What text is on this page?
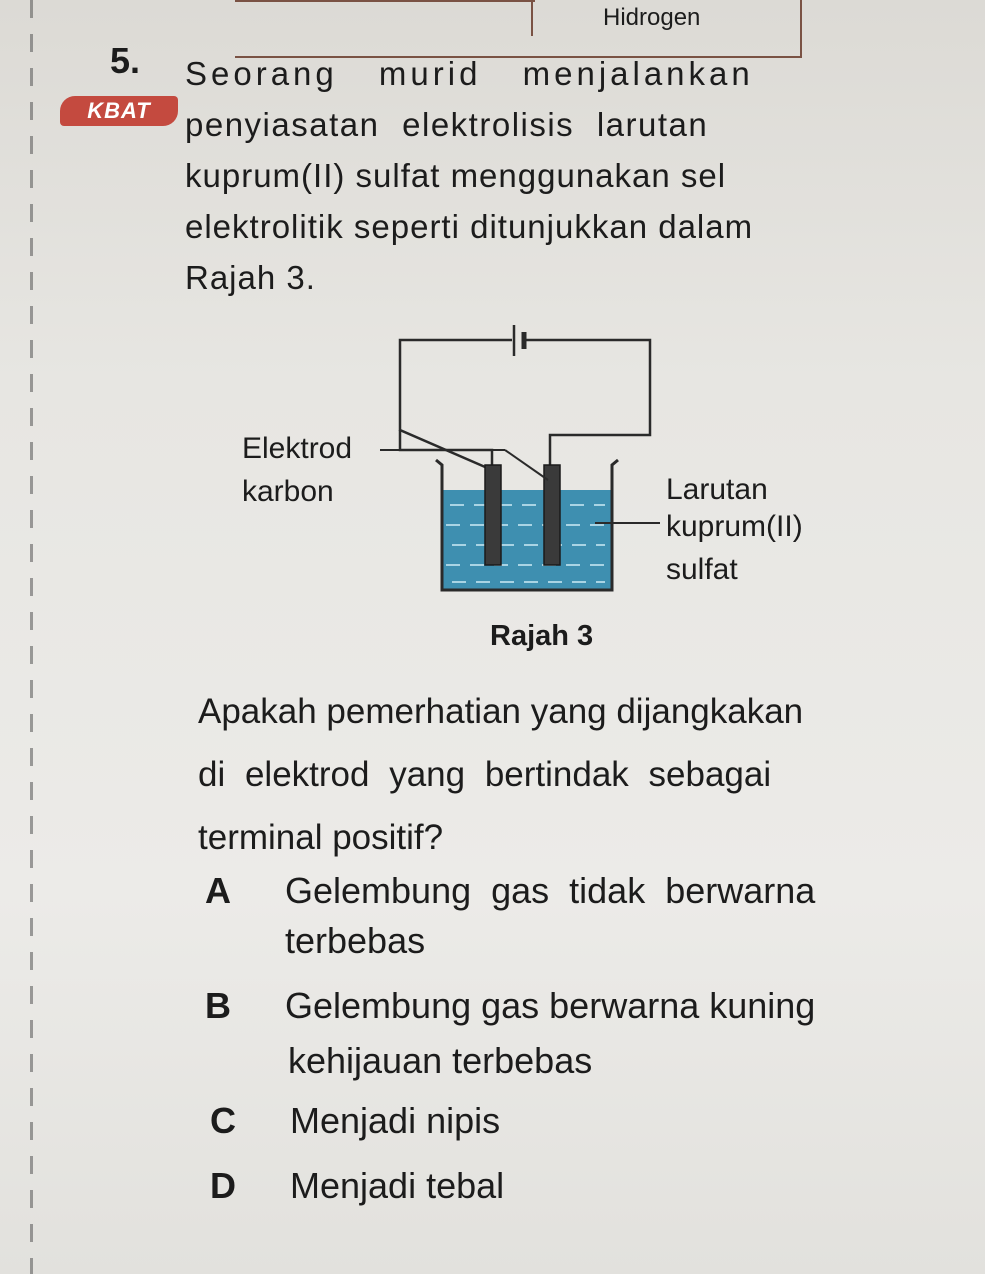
Hidrogen
5.
KBAT
Seorang murid menjalankan
penyiasatan elektrolisis larutan
kuprum(II) sulfat menggunakan sel
elektrolitik seperti ditunjukkan dalam
Rajah 3.
Elektrod
karbon	Larutan
kuprum(II)
sulfat
Rajah 3
Apakah pemerhatian yang dijangkakan
di elektrod yang bertindak sebagai
terminal positif?
A Gelembung gas tidak berwarna
terbebas
B Gelembung gas berwarna kuning
kehijauan terbebas
C Menjadi nipis
D Menjadi tebal
